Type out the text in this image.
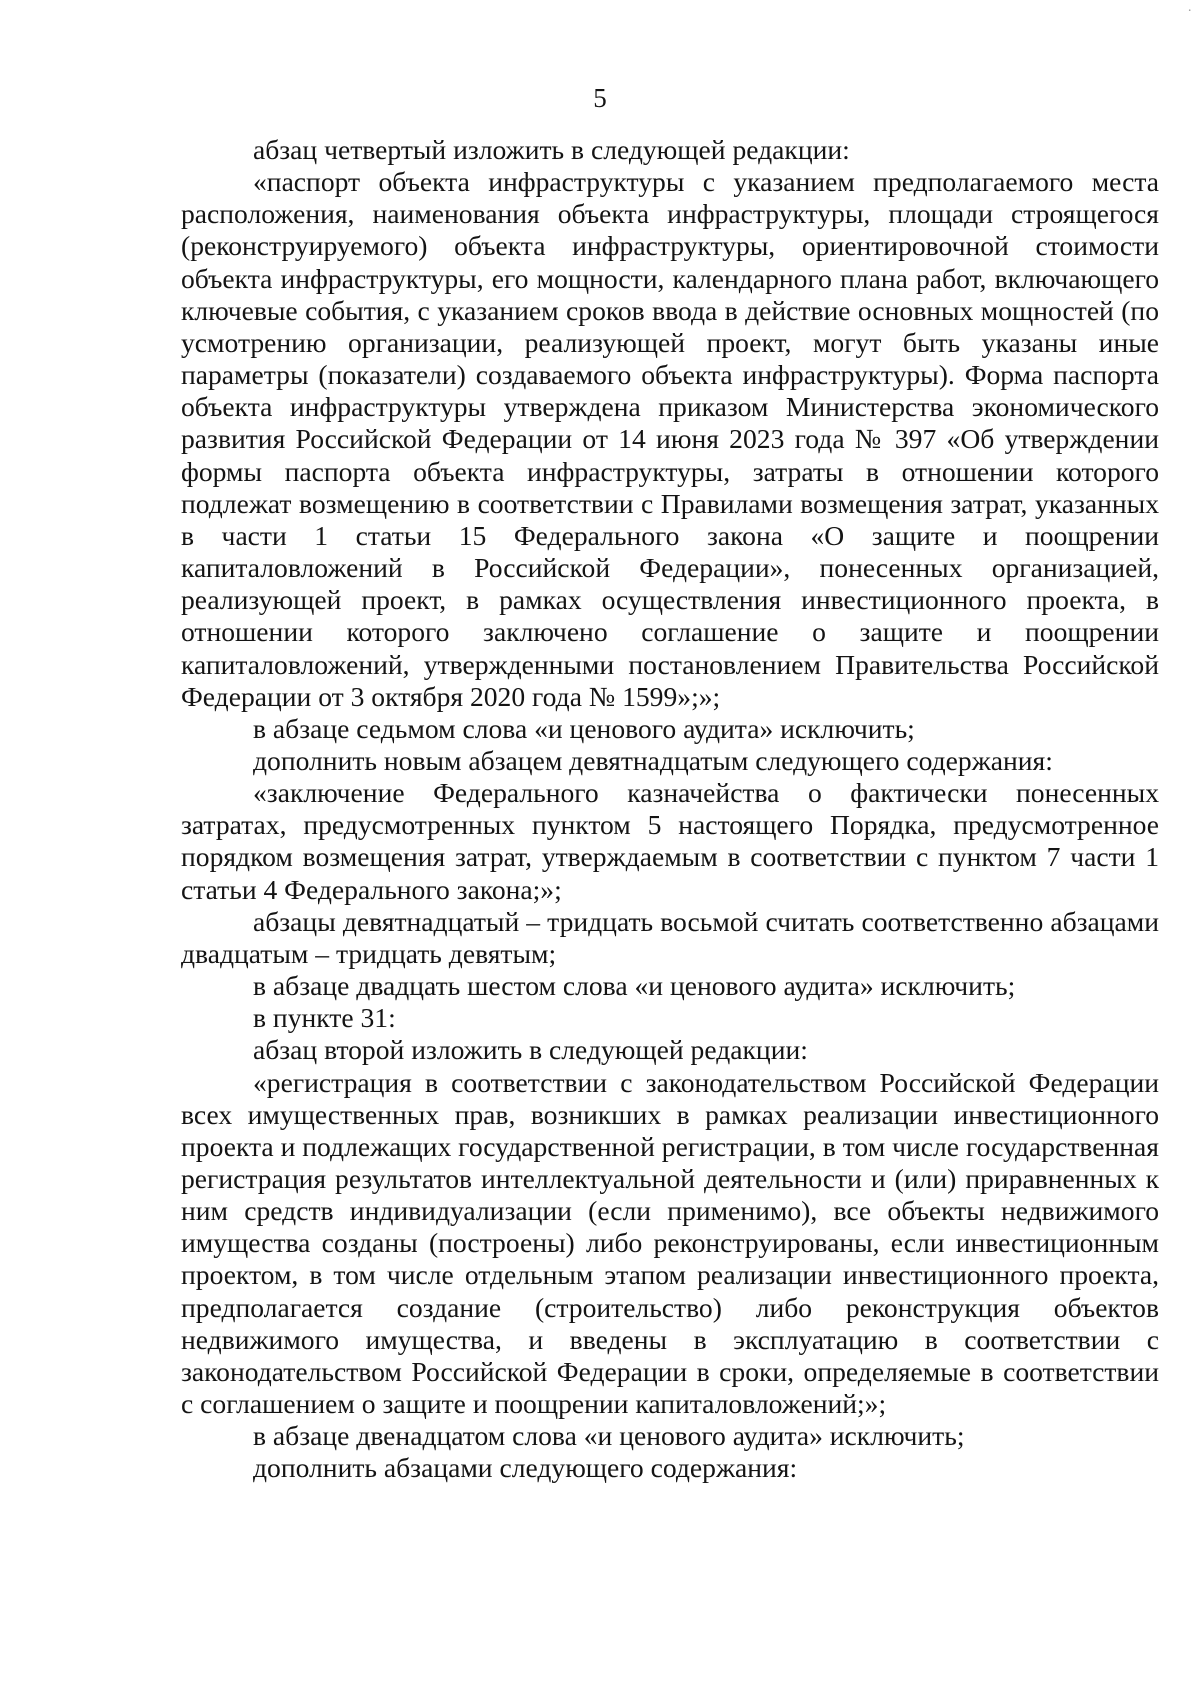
·
5

абзац четвертый изложить в следующей редакции:

«паспорт объекта инфраструктуры с указанием предполагаемого места расположения, наименования объекта инфраструктуры, площади строящегося (реконструируемого) объекта инфраструктуры, ориентировочной стоимости объекта инфраструктуры, его мощности, календарного плана работ, включающего ключевые события, с указанием сроков ввода в действие основных мощностей (по усмотрению организации, реализующей проект, могут быть указаны иные параметры (показатели) создаваемого объекта инфраструктуры). Форма паспорта объекта инфраструктуры утверждена приказом Министерства экономического развития Российской Федерации от 14 июня 2023 года № 397 «Об утверждении формы паспорта объекта инфраструктуры, затраты в отношении которого подлежат возмещению в соответствии с Правилами возмещения затрат, указанных в части 1 статьи 15 Федерального закона «О защите и поощрении капиталовложений в Российской Федерации», понесенных организацией, реализующей проект, в рамках осуществления инвестиционного проекта, в отношении которого заключено соглашение о защите и поощрении капиталовложений, утвержденными постановлением Правительства Российской Федерации от 3 октября 2020 года № 1599»;»;

в абзаце седьмом слова «и ценового аудита» исключить;

дополнить новым абзацем девятнадцатым следующего содержания:

«заключение Федерального казначейства о фактически понесенных затратах, предусмотренных пунктом 5 настоящего Порядка, предусмотренное порядком возмещения затрат, утверждаемым в соответствии с пунктом 7 части 1 статьи 4 Федерального закона;»;

абзацы девятнадцатый – тридцать восьмой считать соответственно абзацами двадцатым – тридцать девятым;

в абзаце двадцать шестом слова «и ценового аудита» исключить;

в пункте 31:

абзац второй изложить в следующей редакции:

«регистрация в соответствии с законодательством Российской Федерации всех имущественных прав, возникших в рамках реализации инвестиционного проекта и подлежащих государственной регистрации, в том числе государственная регистрация результатов интеллектуальной деятельности и (или) приравненных к ним средств индивидуализации (если применимо), все объекты недвижимого имущества созданы (построены) либо реконструированы, если инвестиционным проектом, в том числе отдельным этапом реализации инвестиционного проекта, предполагается создание (строительство) либо реконструкция объектов недвижимого имущества, и введены в эксплуатацию в соответствии с законодательством Российской Федерации в сроки, определяемые в соответствии с соглашением о защите и поощрении капиталовложений;»;

в абзаце двенадцатом слова «и ценового аудита» исключить;

дополнить абзацами следующего содержания:
